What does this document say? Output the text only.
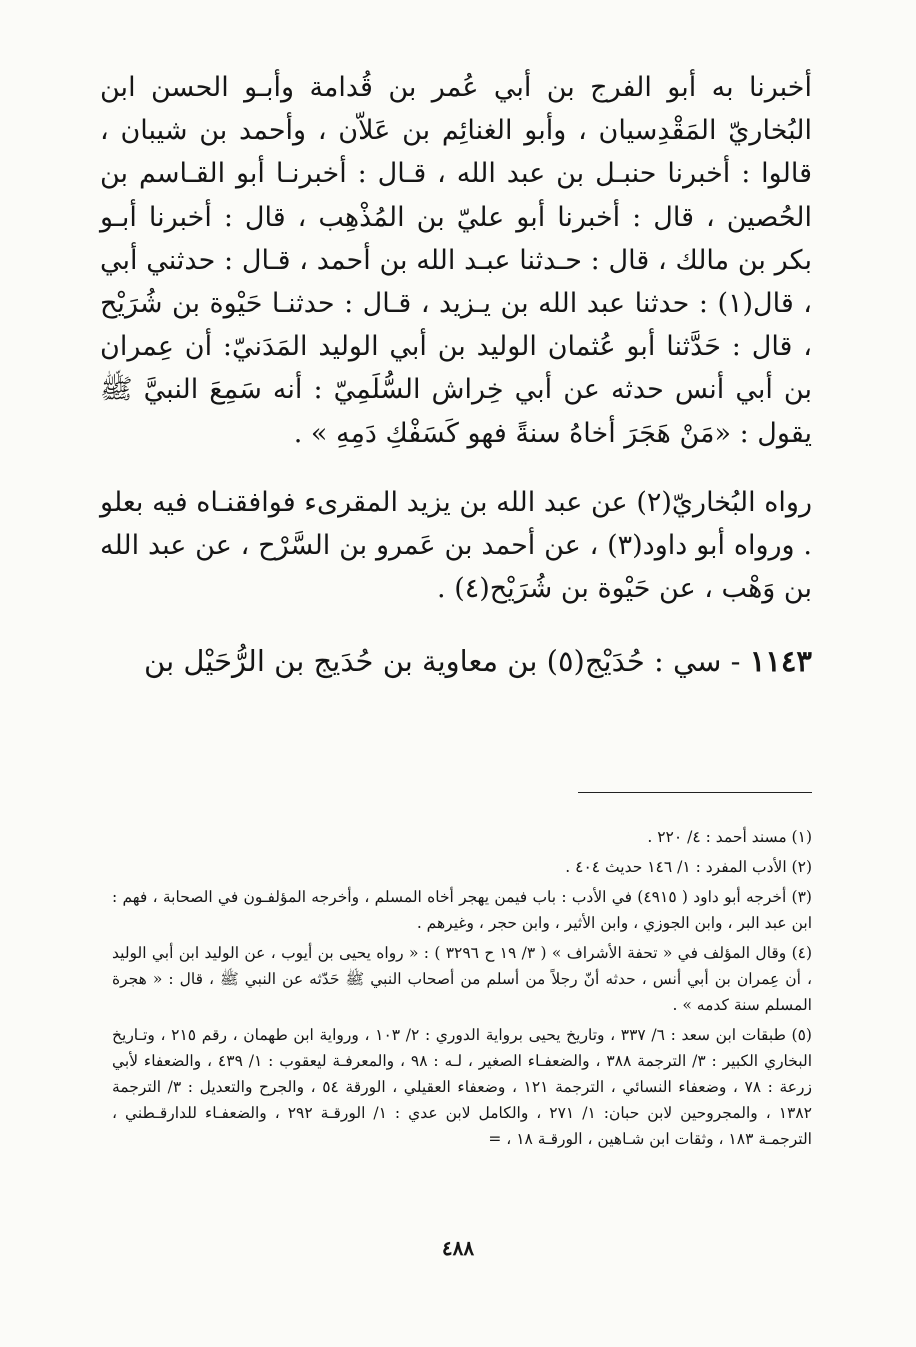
أخبرنا به أبو الفرج بن أبي عُمر بن قُدامة وأبـو الحسن ابن البُخاريّ المَقْدِسيان ، وأبو الغنائِم بن عَلاّن ، وأحمد بن شيبان ، قالوا : أخبرنا حنبـل بن عبد الله ، قـال : أخبرنـا أبو القـاسم بن الحُصين ، قال : أخبرنا أبو عليّ بن المُذْهِب ، قال : أخبرنا أبـو بكر بن مالك ، قال : حـدثنا عبـد الله بن أحمد ، قـال : حدثني أبي ، قال(١) : حدثنا عبد الله بن يـزيد ، قـال : حدثنـا حَيْوة بن شُرَيْح ، قال : حَدَّثنا أبو عُثمان الوليد بن أبي الوليد المَدَنيّ: أن عِمران بن أبي أنس حدثه عن أبي خِراش السُّلَمِيّ : أنه سَمِعَ النبيَّ ﷺ يقول : «مَنْ هَجَرَ أخاهُ سنةً فهو كَسَفْكِ دَمِهِ » .

رواه البُخاريّ(٢) عن عبد الله بن يزيد المقرىء فوافقنـاه فيه بعلو . ورواه أبو داود(٣) ، عن أحمد بن عَمرو بن السَّرْح ، عن عبد الله بن وَهْب ، عن حَيْوة بن شُرَيْح(٤) .

١١٤٣ - سي : حُدَيْج(٥) بن معاوية بن حُدَيج بن الرُّحَيْل بن

(١) مسند أحمد : ٤/ ٢٢٠ .

(٢) الأدب المفرد : ١/ ١٤٦ حديث ٤٠٤ .

(٣) أخرجه أبو داود ( ٤٩١٥) في الأدب : باب فيمن يهجر أخاه المسلم ، وأخرجه المؤلفـون في الصحابة ، فهم : ابن عبد البر ، وابن الجوزي ، وابن الأثير ، وابن حجر ، وغيرهم .

(٤) وقال المؤلف في « تحفة الأشراف » ( ٣/ ١٩ ح ٣٢٩٦ ) : « رواه يحيى بن أيوب ، عن الوليد ابن أبي الوليد ، أن عِمران بن أبي أنس ، حدثه أنّ رجلاً من أسلم من أصحاب النبي ﷺ حَدّثه عن النبي ﷺ ، قال : « هجرة المسلم سنة كدمه » .

(٥) طبقات ابن سعد : ٦/ ٣٣٧ ، وتاريخ يحيى برواية الدوري : ٢/ ١٠٣ ، ورواية ابن طهمان ، رقم ٢١٥ ، وتـاريخ البخاري الكبير : ٣/ الترجمة ٣٨٨ ، والضعفـاء الصغير ، لـه : ٩٨ ، والمعرفـة ليعقوب : ١/ ٤٣٩ ، والضعفاء لأبي زرعة : ٧٨ ، وضعفاء النسائي ، الترجمة ١٢١ ، وضعفاء العقيلي ، الورقة ٥٤ ، والجرح والتعديل : ٣/ الترجمة ١٣٨٢ ، والمجروحين لابن حبان: ١/ ٢٧١ ، والكامل لابن عدي : ١/ الورقـة ٢٩٢ ، والضعفـاء للدارقـطني ، الترجمـة ١٨٣ ، وثقات ابن شـاهين ، الورقـة ١٨ ، =

٤٨٨
